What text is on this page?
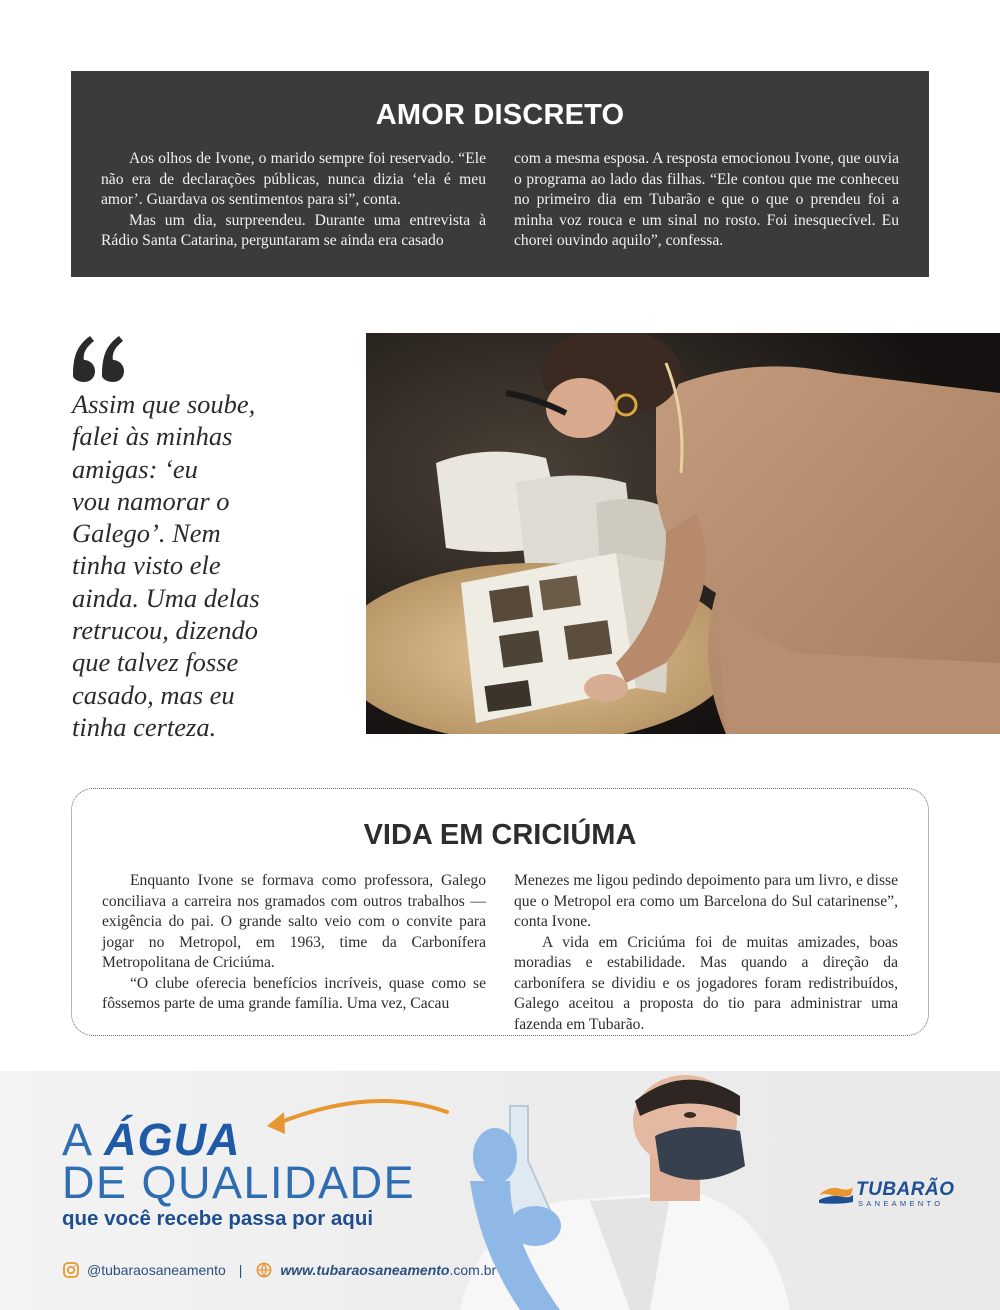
AMOR DISCRETO

Aos olhos de Ivone, o marido sempre foi reservado. “Ele não era de declarações públicas, nunca dizia ‘ela é meu amor’. Guardava os sentimentos para si”, conta.

Mas um dia, surpreendeu. Durante uma entrevista à Rádio Santa Catarina, perguntaram se ainda era casado

com a mesma esposa. A resposta emocionou Ivone, que ouvia o programa ao lado das filhas. “Ele contou que me conheceu no primeiro dia em Tubarão e que o que o prendeu foi a minha voz rouca e um sinal no rosto. Foi inesquecível. Eu chorei ouvindo aquilo”, confessa.

Assim que soube,
falei às minhas
amigas: ‘eu
vou namorar o
Galego’. Nem
tinha visto ele
ainda. Uma delas
retrucou, dizendo
que talvez fosse
casado, mas eu
tinha certeza.
VIDA EM CRICIÚMA

Enquanto Ivone se formava como professora, Galego conciliava a carreira nos gramados com outros trabalhos — exigência do pai. O grande salto veio com o convite para jogar no Metropol, em 1963, time da Carbonífera Metropolitana de Criciúma.

“O clube oferecia benefícios incríveis, quase como se fôssemos parte de uma grande família. Uma vez, Cacau

Menezes me ligou pedindo depoimento para um livro, e disse que o Metropol era como um Barcelona do Sul catarinense”, conta Ivone.

A vida em Criciúma foi de muitas amizades, boas moradias e estabilidade. Mas quando a direção da carbonífera se dividiu e os jogadores foram redistribuídos, Galego aceitou a proposta do tio para administrar uma fazenda em Tubarão.

A ÁGUA
DE QUALIDADE
que você recebe passa por aqui
@tubaraosaneamento |	www.tubaraosaneamento.com.br
TUBARÃO
SANEAMENTO
